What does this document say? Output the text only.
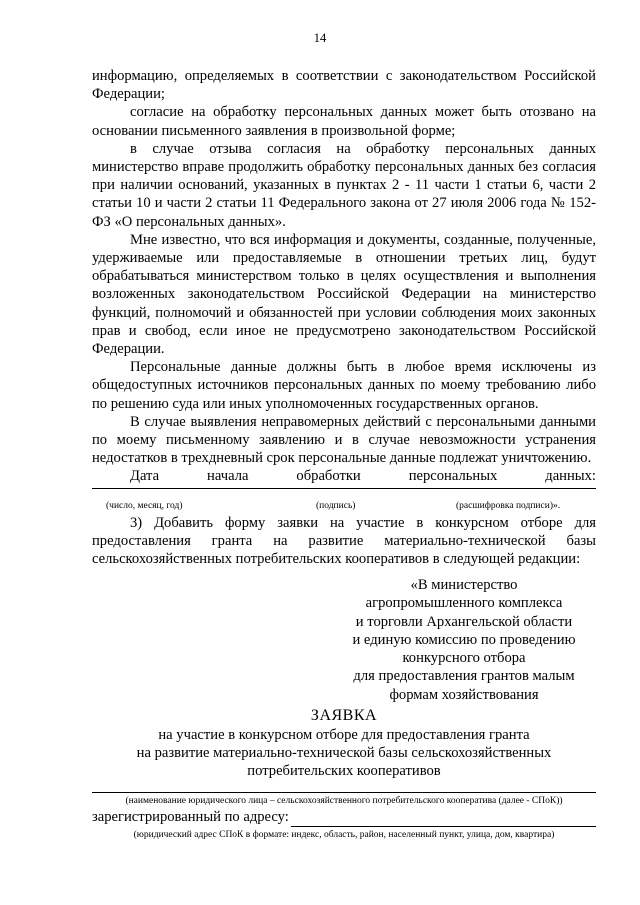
14

информацию, определяемых в соответствии с законодательством Российской Федерации;

согласие на обработку персональных данных может быть отозвано на основании письменного заявления в произвольной форме;

в случае отзыва согласия на обработку персональных данных министерство вправе продолжить обработку персональных данных без согласия при наличии оснований, указанных в пунктах 2 - 11 части 1 статьи 6, части 2 статьи 10 и части 2 статьи 11 Федерального закона от 27 июля 2006 года № 152-ФЗ «О персональных данных».

Мне известно, что вся информация и документы, созданные, полученные, удерживаемые или предоставляемые в отношении третьих лиц, будут обрабатываться министерством только в целях осуществления и выполнения возложенных законодательством Российской Федерации на министерство функций, полномочий и обязанностей при условии соблюдения моих законных прав и свобод, если иное не предусмотрено законодательством Российской Федерации.

Персональные данные должны быть в любое время исключены из общедоступных источников персональных данных по моему требованию либо по решению суда или иных уполномоченных государственных органов.

В случае выявления неправомерных действий с персональными данными по моему письменному заявлению и в случае невозможности устранения недостатков в трехдневный срок персональные данные подлежат уничтожению.

Дата	начала	обработки	персональных	данных:
(число, месяц, год)	(подпись)	(расшифровка подписи)».

3) Добавить форму заявки на участие в конкурсном отборе для предоставления гранта на развитие материально-технической базы сельскохозяйственных потребительских кооперативов в следующей редакции:

«В министерство
агропромышленного комплекса
и торговли Архангельской области
и единую комиссию по проведению
конкурсного отбора
для предоставления грантов малым
формам хозяйствования
ЗАЯВКА
на участие в конкурсном отборе для предоставления гранта
на развитие материально-технической базы сельскохозяйственных
потребительских кооперативов
(наименование юридического лица – сельскохозяйственного потребительского кооператива (далее - СПоК))
зарегистрированный по адресу:
(юридический адрес СПоК в формате: индекс, область, район, населенный пункт, улица, дом, квартира)
